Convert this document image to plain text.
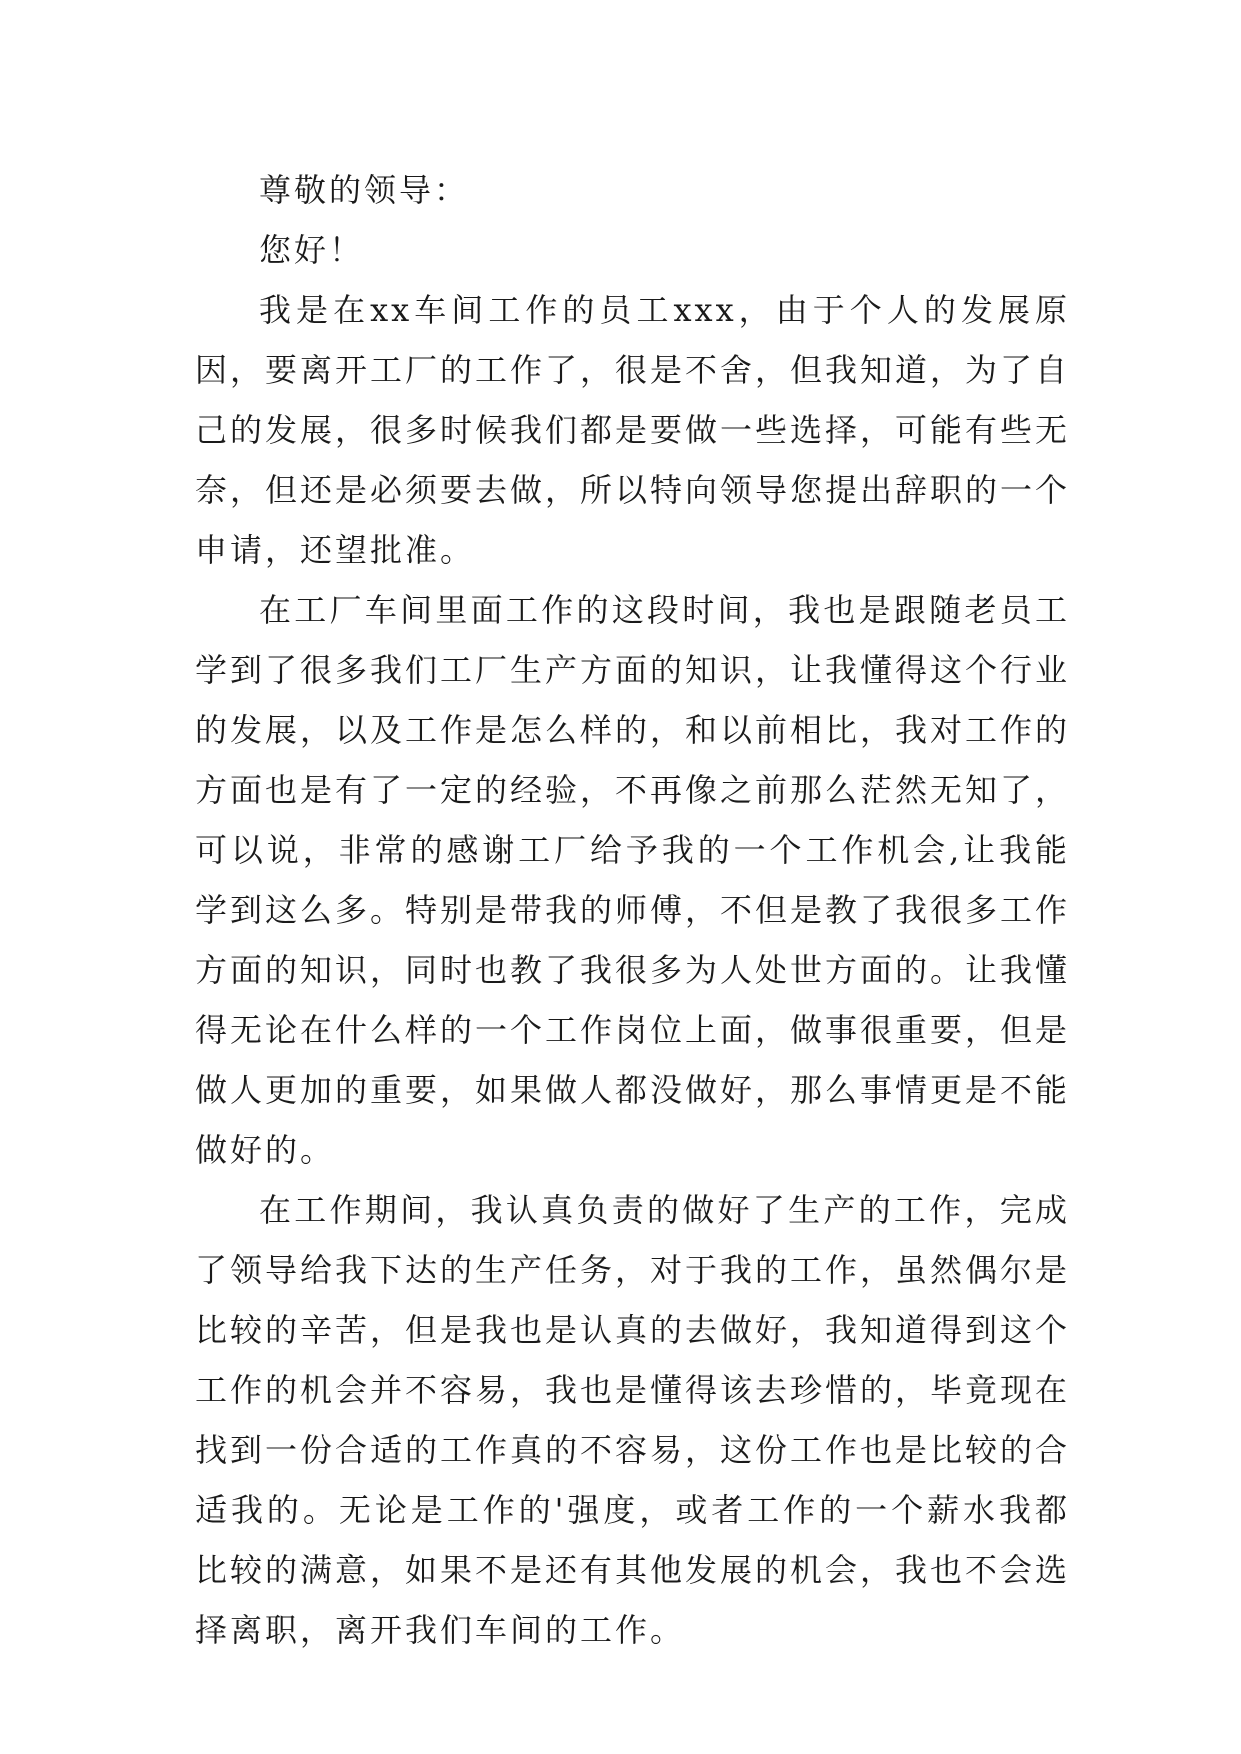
尊敬的领导：

您好！

我是在xx车间工作的员工xxx，由于个人的发展原因，要离开工厂的工作了，很是不舍，但我知道，为了自己的发展，很多时候我们都是要做一些选择，可能有些无奈，但还是必须要去做，所以特向领导您提出辞职的一个申请，还望批准。

在工厂车间里面工作的这段时间，我也是跟随老员工学到了很多我们工厂生产方面的知识，让我懂得这个行业的发展，以及工作是怎么样的，和以前相比，我对工作的方面也是有了一定的经验，不再像之前那么茫然无知了，可以说，非常的感谢工厂给予我的一个工作机会,让我能学到这么多。特别是带我的师傅，不但是教了我很多工作方面的知识，同时也教了我很多为人处世方面的。让我懂得无论在什么样的一个工作岗位上面，做事很重要，但是做人更加的重要，如果做人都没做好，那么事情更是不能做好的。

在工作期间，我认真负责的做好了生产的工作，完成了领导给我下达的生产任务，对于我的工作，虽然偶尔是比较的辛苦，但是我也是认真的去做好，我知道得到这个工作的机会并不容易，我也是懂得该去珍惜的，毕竟现在找到一份合适的工作真的不容易，这份工作也是比较的合适我的。无论是工作的'强度，或者工作的一个薪水我都比较的满意，如果不是还有其他发展的机会，我也不会选择离职，离开我们车间的工作。
